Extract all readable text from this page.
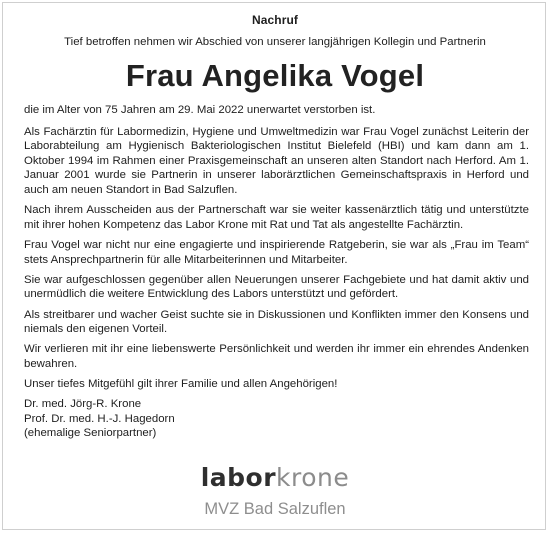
Nachruf
Tief betroffen nehmen wir Abschied von unserer langjährigen Kollegin und Partnerin
Frau Angelika Vogel

die im Alter von 75 Jahren am 29. Mai 2022 unerwartet verstorben ist.

Als Fachärztin für Labormedizin, Hygiene und Umweltmedizin war Frau Vogel zunächst Leiterin der Laborabteilung am Hygienisch Bakteriologischen Institut Bielefeld (HBI) und kam dann am 1. Oktober 1994 im Rahmen einer Praxisgemeinschaft an unseren alten Standort nach Herford. Am 1. Januar 2001 wurde sie Partnerin in unserer laborärztlichen Gemeinschaftspraxis in Herford und auch am neuen Standort in Bad Salzuflen.

Nach ihrem Ausscheiden aus der Partnerschaft war sie weiter kassenärztlich tätig und unterstützte mit ihrer hohen Kompetenz das Labor Krone mit Rat und Tat als angestellte Fachärztin.

Frau Vogel war nicht nur eine engagierte und inspirierende Ratgeberin, sie war als „Frau im Team“ stets Ansprechpartnerin für alle Mitarbeiterinnen und Mitarbeiter.

Sie war aufgeschlossen gegenüber allen Neuerungen unserer Fachgebiete und hat damit aktiv und unermüdlich die weitere Entwicklung des Labors unterstützt und gefördert.

Als streitbarer und wacher Geist suchte sie in Diskussionen und Konflikten immer den Konsens und niemals den eigenen Vorteil.

Wir verlieren mit ihr eine liebenswerte Persönlichkeit und werden ihr immer ein ehrendes Andenken bewahren.

Unser tiefes Mitgefühl gilt ihrer Familie und allen Angehörigen!

Dr. med. Jörg-R. Krone
Prof. Dr. med. H.-J. Hagedorn
(ehemalige Seniorpartner)
laborkrone
MVZ Bad Salzuflen
